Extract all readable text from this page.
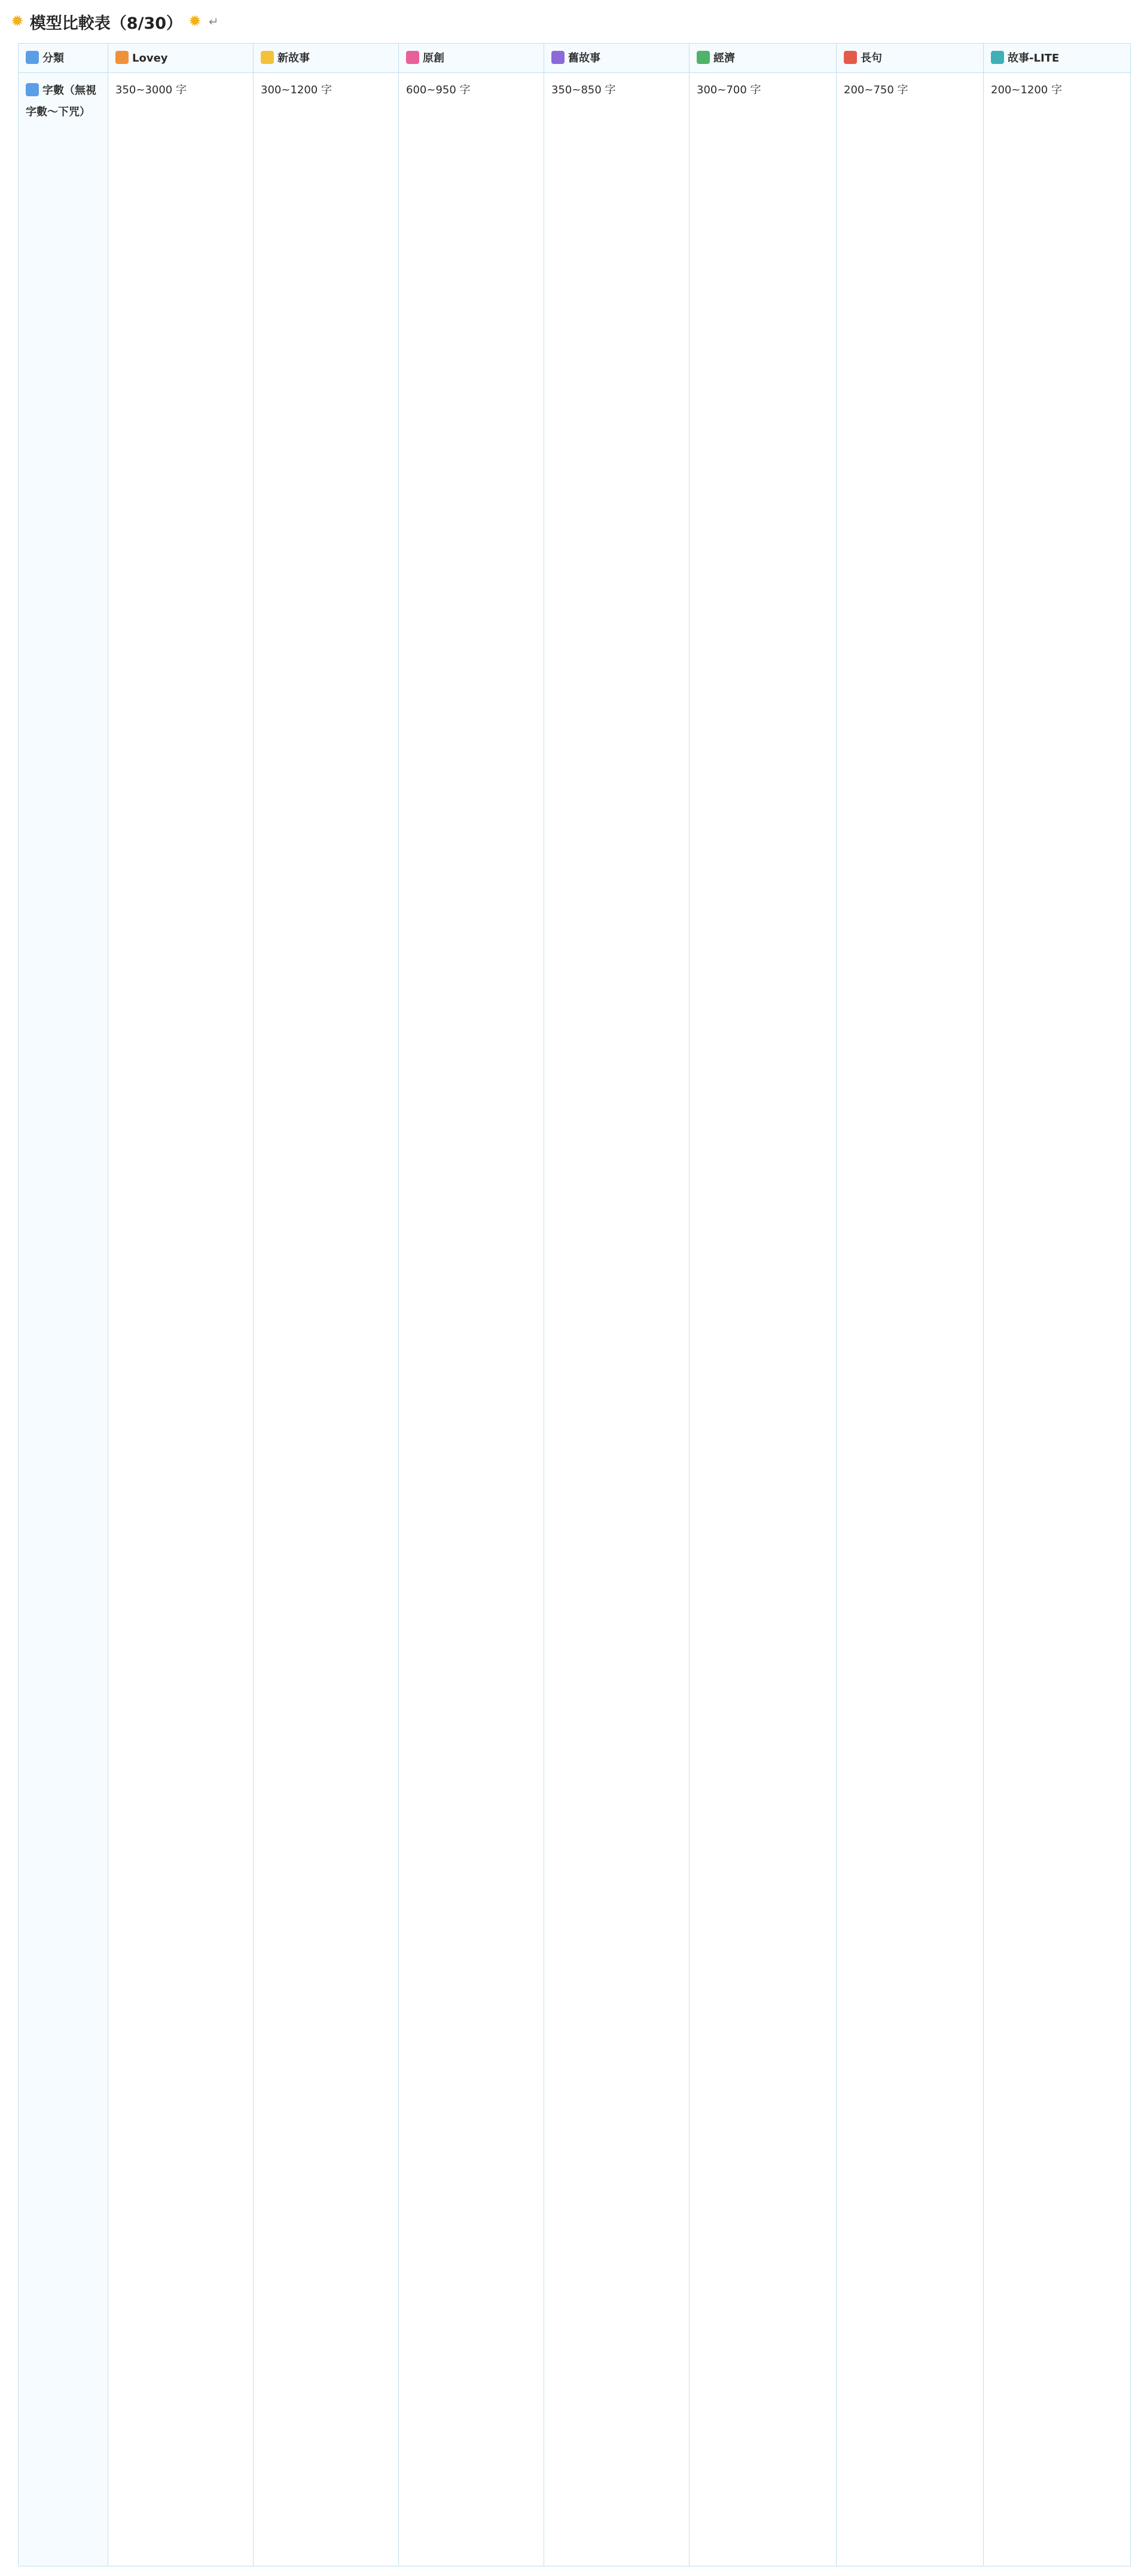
✹ 模型比較表（8/30） ✹ ↵
分類	Lovey	新故事	原創	舊故事	經濟	長句	故事-LITE
字數（無視字數～下咒）	350~3000 字	300~1200 字	600~950 字	350~850 字	300~700 字	200~750 字	200~1200 字
